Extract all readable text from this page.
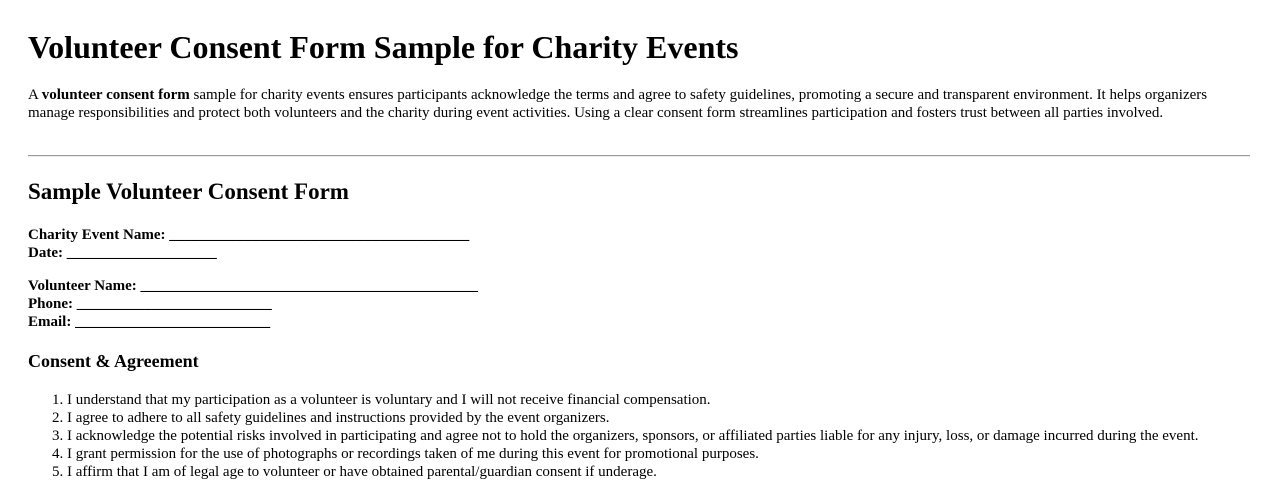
Volunteer Consent Form Sample for Charity Events

A volunteer consent form sample for charity events ensures participants acknowledge the terms and agree to safety guidelines, promoting a secure and transparent environment. It helps organizers manage responsibilities and protect both volunteers and the charity during event activities. Using a clear consent form streamlines participation and fosters trust between all parties involved.

Sample Volunteer Consent Form
Charity Event Name: ________________________________________
Date: ____________________
Volunteer Name: _____________________________________________
Phone: __________________________
Email: __________________________
Consent & Agreement
1. I understand that my participation as a volunteer is voluntary and I will not receive financial compensation.
2. I agree to adhere to all safety guidelines and instructions provided by the event organizers.
3. I acknowledge the potential risks involved in participating and agree not to hold the organizers, sponsors, or affiliated parties liable for any injury, loss, or damage incurred during the event.
4. I grant permission for the use of photographs or recordings taken of me during this event for promotional purposes.
5. I affirm that I am of legal age to volunteer or have obtained parental/guardian consent if underage.
